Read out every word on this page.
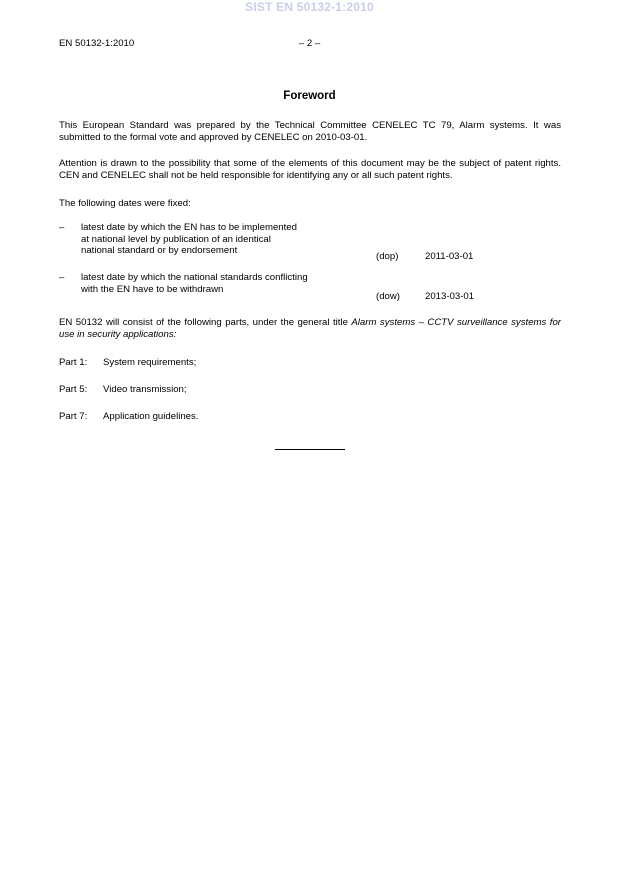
SIST EN 50132-1:2010
EN 50132-1:2010	– 2 –
Foreword
This European Standard was prepared by the Technical Committee CENELEC TC 79, Alarm systems. It was submitted to the formal vote and approved by CENELEC on 2010-03-01.
Attention is drawn to the possibility that some of the elements of this document may be the subject of patent rights. CEN and CENELEC shall not be held responsible for identifying any or all such patent rights.
The following dates were fixed:
– latest date by which the EN has to be implemented
at national level by publication of an identical
national standard or by endorsement
(dop)	2011-03-01
– latest date by which the national standards conflicting
with the EN have to be withdrawn
(dow)	2013-03-01
EN 50132 will consist of the following parts, under the general title Alarm systems – CCTV surveillance systems for use in security applications:
Part 1: System requirements;
Part 5: Video transmission;
Part 7: Application guidelines.
